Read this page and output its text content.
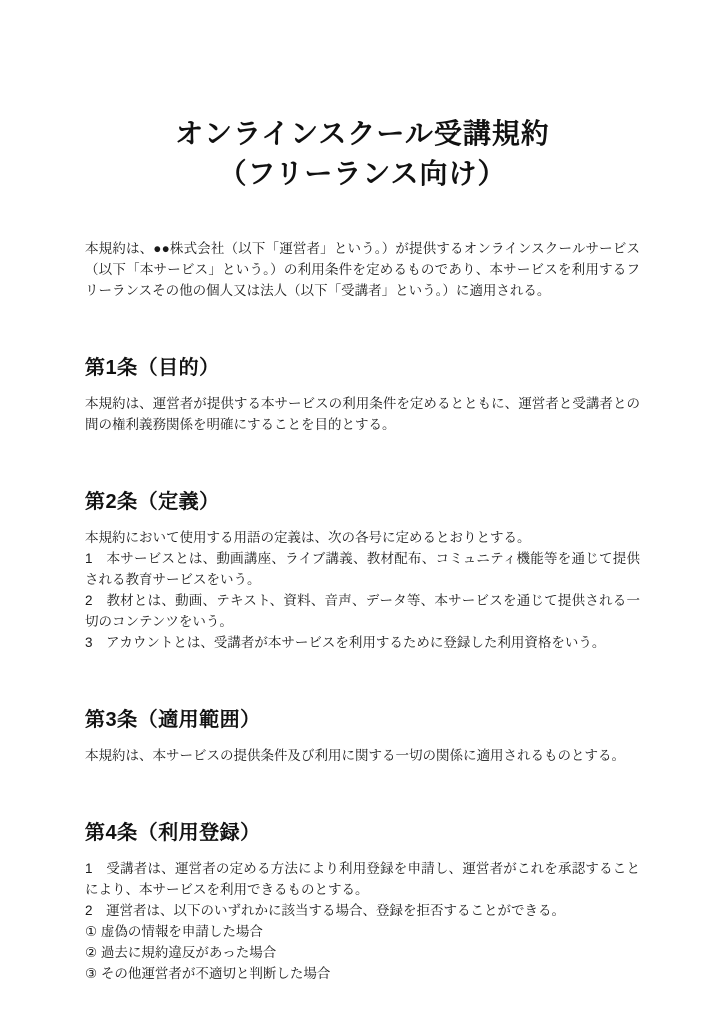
オンラインスクール受講規約
（フリーランス向け）

本規約は、●●株式会社（以下「運営者」という。）が提供するオンラインスクールサービス（以下「本サービス」という。）の利用条件を定めるものであり、本サービスを利用するフリーランスその他の個人又は法人（以下「受講者」という。）に適用される。

第1条（目的）

本規約は、運営者が提供する本サービスの利用条件を定めるとともに、運営者と受講者との間の権利義務関係を明確にすることを目的とする。

第2条（定義）

本規約において使用する用語の定義は、次の各号に定めるとおりとする。

1　本サービスとは、動画講座、ライブ講義、教材配布、コミュニティ機能等を通じて提供される教育サービスをいう。

2　教材とは、動画、テキスト、資料、音声、データ等、本サービスを通じて提供される一切のコンテンツをいう。

3　アカウントとは、受講者が本サービスを利用するために登録した利用資格をいう。

第3条（適用範囲）

本規約は、本サービスの提供条件及び利用に関する一切の関係に適用されるものとする。

第4条（利用登録）

1　受講者は、運営者の定める方法により利用登録を申請し、運営者がこれを承認することにより、本サービスを利用できるものとする。

2　運営者は、以下のいずれかに該当する場合、登録を拒否することができる。

① 虚偽の情報を申請した場合

② 過去に規約違反があった場合

③ その他運営者が不適切と判断した場合
